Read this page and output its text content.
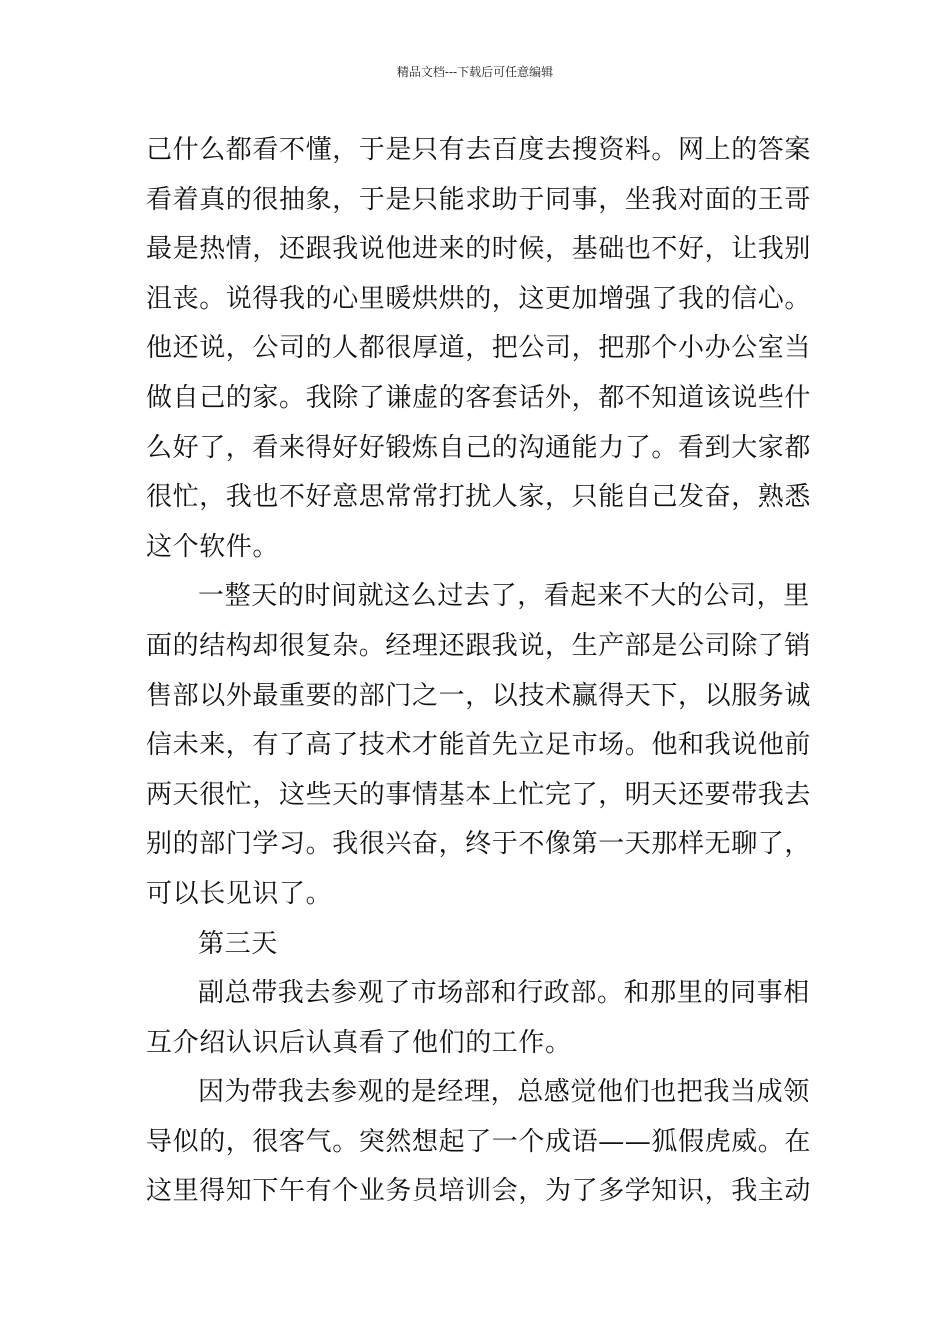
精品文档---下载后可任意编辑
己什么都看不懂，于是只有去百度去搜资料。网上的答案
看着真的很抽象，于是只能求助于同事，坐我对面的王哥
最是热情，还跟我说他进来的时候，基础也不好，让我别
沮丧。说得我的心里暖烘烘的，这更加增强了我的信心。
他还说，公司的人都很厚道，把公司，把那个小办公室当
做自己的家。我除了谦虚的客套话外，都不知道该说些什
么好了，看来得好好锻炼自己的沟通能力了。看到大家都
很忙，我也不好意思常常打扰人家，只能自己发奋，熟悉
这个软件。
一整天的时间就这么过去了，看起来不大的公司，里
面的结构却很复杂。经理还跟我说，生产部是公司除了销
售部以外最重要的部门之一，以技术赢得天下，以服务诚
信未来，有了高了技术才能首先立足市场。他和我说他前
两天很忙，这些天的事情基本上忙完了，明天还要带我去
别的部门学习。我很兴奋，终于不像第一天那样无聊了，
可以长见识了。
第三天
副总带我去参观了市场部和行政部。和那里的同事相
互介绍认识后认真看了他们的工作。
因为带我去参观的是经理，总感觉他们也把我当成领
导似的，很客气。突然想起了一个成语——狐假虎威。在
这里得知下午有个业务员培训会，为了多学知识，我主动
